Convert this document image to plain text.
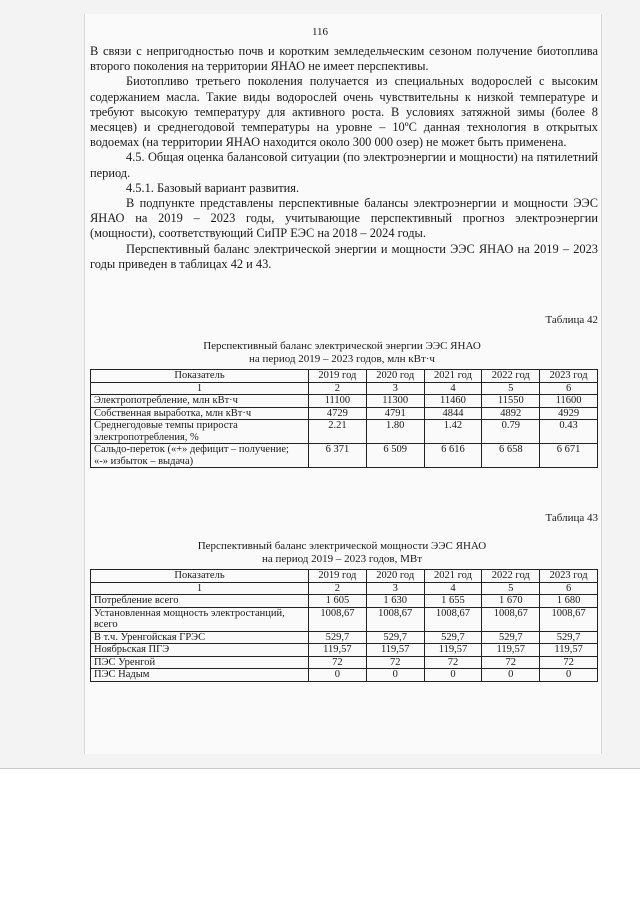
116

В связи с непригодностью почв и коротким земледельческим сезоном получение биотоплива второго поколения на территории ЯНАО не имеет перспективы.

Биотопливо третьего поколения получается из специальных водорослей с высоким содержанием масла. Такие виды водорослей очень чувствительны к низкой температуре и требуют высокую температуру для активного роста. В условиях затяжной зимы (более 8 месяцев) и среднегодовой температуры на уровне – 10ºС данная технология в открытых водоемах (на территории ЯНАО находится около 300 000 озер) не может быть применена.

4.5. Общая оценка балансовой ситуации (по электроэнергии и мощности) на пятилетний период.

4.5.1. Базовый вариант развития.

В подпункте представлены перспективные балансы электроэнергии и мощности ЭЭС ЯНАО на 2019 – 2023 годы, учитывающие перспективный прогноз электроэнергии (мощности), соответствующий СиПР ЕЭС на 2018 – 2024 годы.

Перспективный баланс электрической энергии и мощности ЭЭС ЯНАО на 2019 – 2023 годы приведен в таблицах 42 и 43.

Таблица 42
Перспективный баланс электрической энергии ЭЭС ЯНАО
на период 2019 – 2023 годов, млн кВт·ч
Показатель	2019 год	2020 год	2021 год	2022 год	2023 год
1	2	3	4	5	6
Электропотребление, млн кВт·ч	11100	11300	11460	11550	11600
Собственная выработка, млн кВт·ч	4729	4791	4844	4892	4929
Среднегодовые темпы прироста электропотребления, %	2.21	1.80	1.42	0.79	0.43
Сальдо-переток («+» дефицит – получение; «-» избыток – выдача)	6 371	6 509	6 616	6 658	6 671
Таблица 43
Перспективный баланс электрической мощности ЭЭС ЯНАО
на период 2019 – 2023 годов, МВт
Показатель	2019 год	2020 год	2021 год	2022 год	2023 год
1	2	3	4	5	6
Потребление всего	1 605	1 630	1 655	1 670	1 680
Установленная мощность электростанций, всего	1008,67	1008,67	1008,67	1008,67	1008,67
В т.ч. Уренгойская ГРЭС	529,7	529,7	529,7	529,7	529,7
Ноябрьская ПГЭ	119,57	119,57	119,57	119,57	119,57
ПЭС Уренгой	72	72	72	72	72
ПЭС Надым	0	0	0	0	0
